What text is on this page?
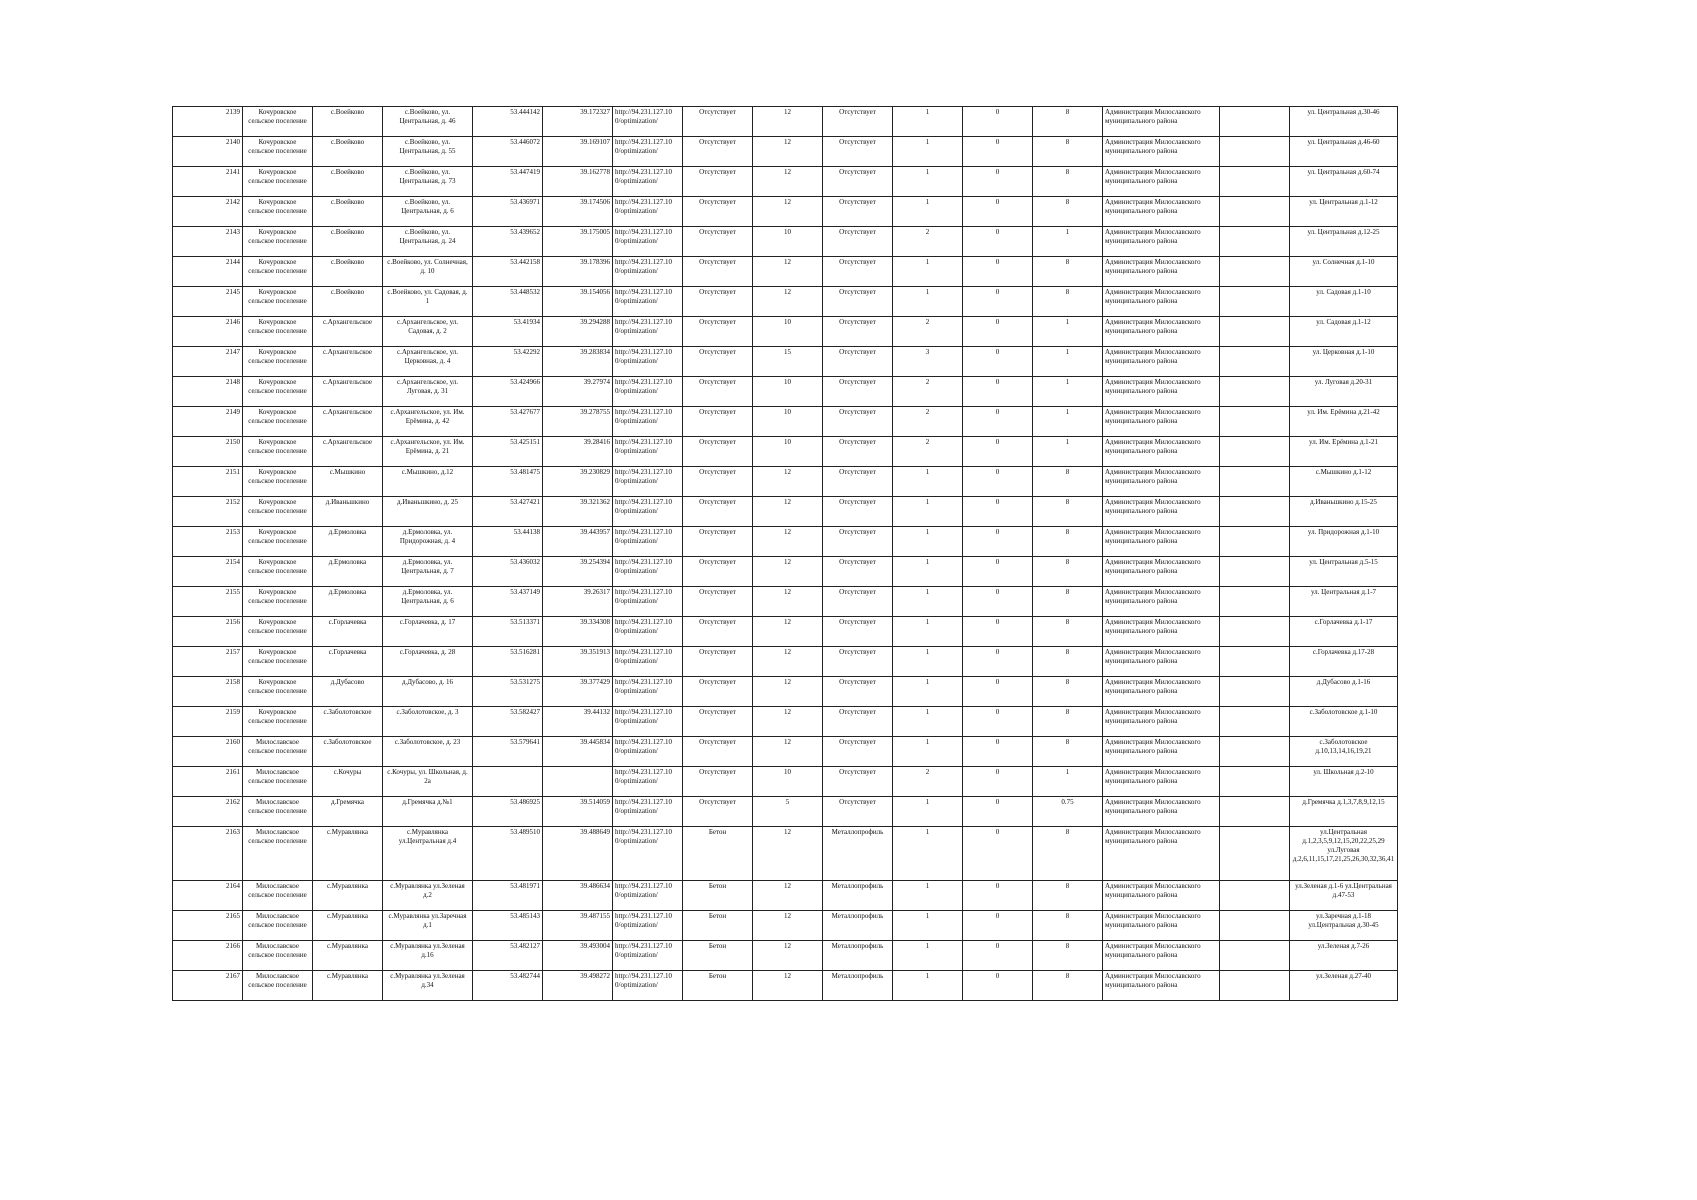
2139	Кочуровское сельское поселение	с.Воейково	с.Воейково, ул. Центральная, д. 46	53.444142	39.172327	http://94.231.127.10 0/optimization/	Отсутствует	12	Отсутствует	1	0	8	Администрация Милославского муниципального района		ул. Центральная д.30-46
2140	Кочуровское сельское поселение	с.Воейково	с.Воейково, ул. Центральная, д. 55	53.446072	39.169107	http://94.231.127.10 0/optimization/	Отсутствует	12	Отсутствует	1	0	8	Администрация Милославского муниципального района		ул. Центральная д.46-60
2141	Кочуровское сельское поселение	с.Воейково	с.Воейково, ул. Центральная, д. 73	53.447419	39.162778	http://94.231.127.10 0/optimization/	Отсутствует	12	Отсутствует	1	0	8	Администрация Милославского муниципального района		ул. Центральная д.60-74
2142	Кочуровское сельское поселение	с.Воейково	с.Воейково, ул. Центральная, д. 6	53.436971	39.174506	http://94.231.127.10 0/optimization/	Отсутствует	12	Отсутствует	1	0	8	Администрация Милославского муниципального района		ул. Центральная д.1-12
2143	Кочуровское сельское поселение	с.Воейково	с.Воейково, ул. Центральная, д. 24	53.439652	39.175005	http://94.231.127.10 0/optimization/	Отсутствует	10	Отсутствует	2	0	1	Администрация Милославского муниципального района		ул. Центральная д.12-25
2144	Кочуровское сельское поселение	с.Воейково	с.Воейково, ул. Солнечная, д. 10	53.442158	39.178396	http://94.231.127.10 0/optimization/	Отсутствует	12	Отсутствует	1	0	8	Администрация Милославского муниципального района		ул. Солнечная д.1-10
2145	Кочуровское сельское поселение	с.Воейково	с.Воейково, ул. Садовая, д. 1	53.448532	39.154056	http://94.231.127.10 0/optimization/	Отсутствует	12	Отсутствует	1	0	8	Администрация Милославского муниципального района		ул. Садовая д.1-10
2146	Кочуровское сельское поселение	с.Архангельское	с.Архангельское, ул. Садовая, д. 2	53.41934	39.294288	http://94.231.127.10 0/optimization/	Отсутствует	10	Отсутствует	2	0	1	Администрация Милославского муниципального района		ул. Садовая д.1-12
2147	Кочуровское сельское поселение	с.Архангельское	с.Архангельское, ул. Церковная, д. 4	53.42292	39.283834	http://94.231.127.10 0/optimization/	Отсутствует	15	Отсутствует	3	0	1	Администрация Милославского муниципального района		ул. Церковная д.1-10
2148	Кочуровское сельское поселение	с.Архангельское	с.Архангельское, ул. Луговая, д. 31	53.424966	39.27974	http://94.231.127.10 0/optimization/	Отсутствует	10	Отсутствует	2	0	1	Администрация Милославского муниципального района		ул. Луговая д.20-31
2149	Кочуровское сельское поселение	с.Архангельское	с.Архангельское, ул. Им. Ерёмина, д. 42	53.427677	39.278755	http://94.231.127.10 0/optimization/	Отсутствует	10	Отсутствует	2	0	1	Администрация Милославского муниципального района		ул. Им. Ерёмина д.21-42
2150	Кочуровское сельское поселение	с.Архангельское	с.Архангельское, ул. Им. Ерёмина, д. 21	53.425151	39.28416	http://94.231.127.10 0/optimization/	Отсутствует	10	Отсутствует	2	0	1	Администрация Милославского муниципального района		ул. Им. Ерёмина д.1-21
2151	Кочуровское сельское поселение	с.Мышкино	с.Мышкино, д.12	53.481475	39.230829	http://94.231.127.10 0/optimization/	Отсутствует	12	Отсутствует	1	0	8	Администрация Милославского муниципального района		с.Мышкино д.1-12
2152	Кочуровское сельское поселение	д.Иваньшкино	д.Иваньшкино, д. 25	53.427421	39.321362	http://94.231.127.10 0/optimization/	Отсутствует	12	Отсутствует	1	0	8	Администрация Милославского муниципального района		д.Иваньшкино д.15-25
2153	Кочуровское сельское поселение	д.Ермоловка	д.Ермоловка, ул. Придорожная, д. 4	53.44138	39.443957	http://94.231.127.10 0/optimization/	Отсутствует	12	Отсутствует	1	0	8	Администрация Милославского муниципального района		ул. Придорожная д.1-10
2154	Кочуровское сельское поселение	д.Ермоловка	д.Ермоловка, ул. Центральная, д. 7	53.436032	39.254394	http://94.231.127.10 0/optimization/	Отсутствует	12	Отсутствует	1	0	8	Администрация Милославского муниципального района		ул. Центральная д.5-15
2155	Кочуровское сельское поселение	д.Ермоловка	д.Ермоловка, ул. Центральная, д. 6	53.437149	39.26317	http://94.231.127.10 0/optimization/	Отсутствует	12	Отсутствует	1	0	8	Администрация Милославского муниципального района		ул. Центральная д.1-7
2156	Кочуровское сельское поселение	с.Горлачевка	с.Горлачевка, д. 17	53.513371	39.334308	http://94.231.127.10 0/optimization/	Отсутствует	12	Отсутствует	1	0	8	Администрация Милославского муниципального района		с.Горлачевка д.1-17
2157	Кочуровское сельское поселение	с.Горлачевка	с.Горлачевка, д. 28	53.516281	39.351913	http://94.231.127.10 0/optimization/	Отсутствует	12	Отсутствует	1	0	8	Администрация Милославского муниципального района		с.Горлачевка д.17-28
2158	Кочуровское сельское поселение	д.Дубасово	д.Дубасово, д. 16	53.531275	39.377429	http://94.231.127.10 0/optimization/	Отсутствует	12	Отсутствует	1	0	8	Администрация Милославского муниципального района		д.Дубасово д.1-16
2159	Кочуровское сельское поселение	с.Заболотовское	с.Заболотовское, д. 3	53.582427	39.44132	http://94.231.127.10 0/optimization/	Отсутствует	12	Отсутствует	1	0	8	Администрация Милославского муниципального района		с.Заболотовское д.1-10
2160	Милославское сельское поселение	с.Заболотовское	с.Заболотовское, д. 23	53.579641	39.445834	http://94.231.127.10 0/optimization/	Отсутствует	12	Отсутствует	1	0	8	Администрация Милославского муниципального района		с.Заболотовское д.10,13,14,16,19,21
2161	Милославское сельское поселение	с.Кочуры	с.Кочуры, ул. Школьная, д. 2а			http://94.231.127.10 0/optimization/	Отсутствует	10	Отсутствует	2	0	1	Администрация Милославского муниципального района		ул. Школьная д.2-10
2162	Милославское сельское поселение	д.Гремячка	д.Гремячка д.№1	53.486925	39.514059	http://94.231.127.10 0/optimization/	Отсутствует	5	Отсутствует	1	0	0.75	Администрация Милославского муниципального района		д.Гремячка д.1,3,7,8,9,12,15
2163	Милославское сельское поселение	с.Муравлянка	с.Муравлянка ул.Центральная д.4	53.489510	39.488649	http://94.231.127.10 0/optimization/	Бетон	12	Металлопрофиль	1	0	8	Администрация Милославского муниципального района		ул.Центральная д.1,2,3,5,9,12,15,20,22,25,29 ул.Луговая д.2,6,11,15,17,21,25,26,30,32,36,41
2164	Милославское сельское поселение	с.Муравлянка	с.Муравлянка ул.Зеленая д.2	53.481971	39.486634	http://94.231.127.10 0/optimization/	Бетон	12	Металлопрофиль	1	0	8	Администрация Милославского муниципального района		ул.Зеленая д.1-6 ул.Центральная д.47-53
2165	Милославское сельское поселение	с.Муравлянка	с.Муравлянка ул.Заречная д.1	53.485143	39.487155	http://94.231.127.10 0/optimization/	Бетон	12	Металлопрофиль	1	0	8	Администрация Милославского муниципального района		ул.Заречная д.1-18 ул.Центральная д.30-45
2166	Милославское сельское поселение	с.Муравлянка	с.Муравлянка ул.Зеленая д.16	53.482127	39.493004	http://94.231.127.10 0/optimization/	Бетон	12	Металлопрофиль	1	0	8	Администрация Милославского муниципального района		ул.Зеленая д.7-26
2167	Милославское сельское поселение	с.Муравлянка	с.Муравлянка ул.Зеленая д.34	53.482744	39.498272	http://94.231.127.10 0/optimization/	Бетон	12	Металлопрофиль	1	0	8	Администрация Милославского муниципального района		ул.Зеленая д.27-40
